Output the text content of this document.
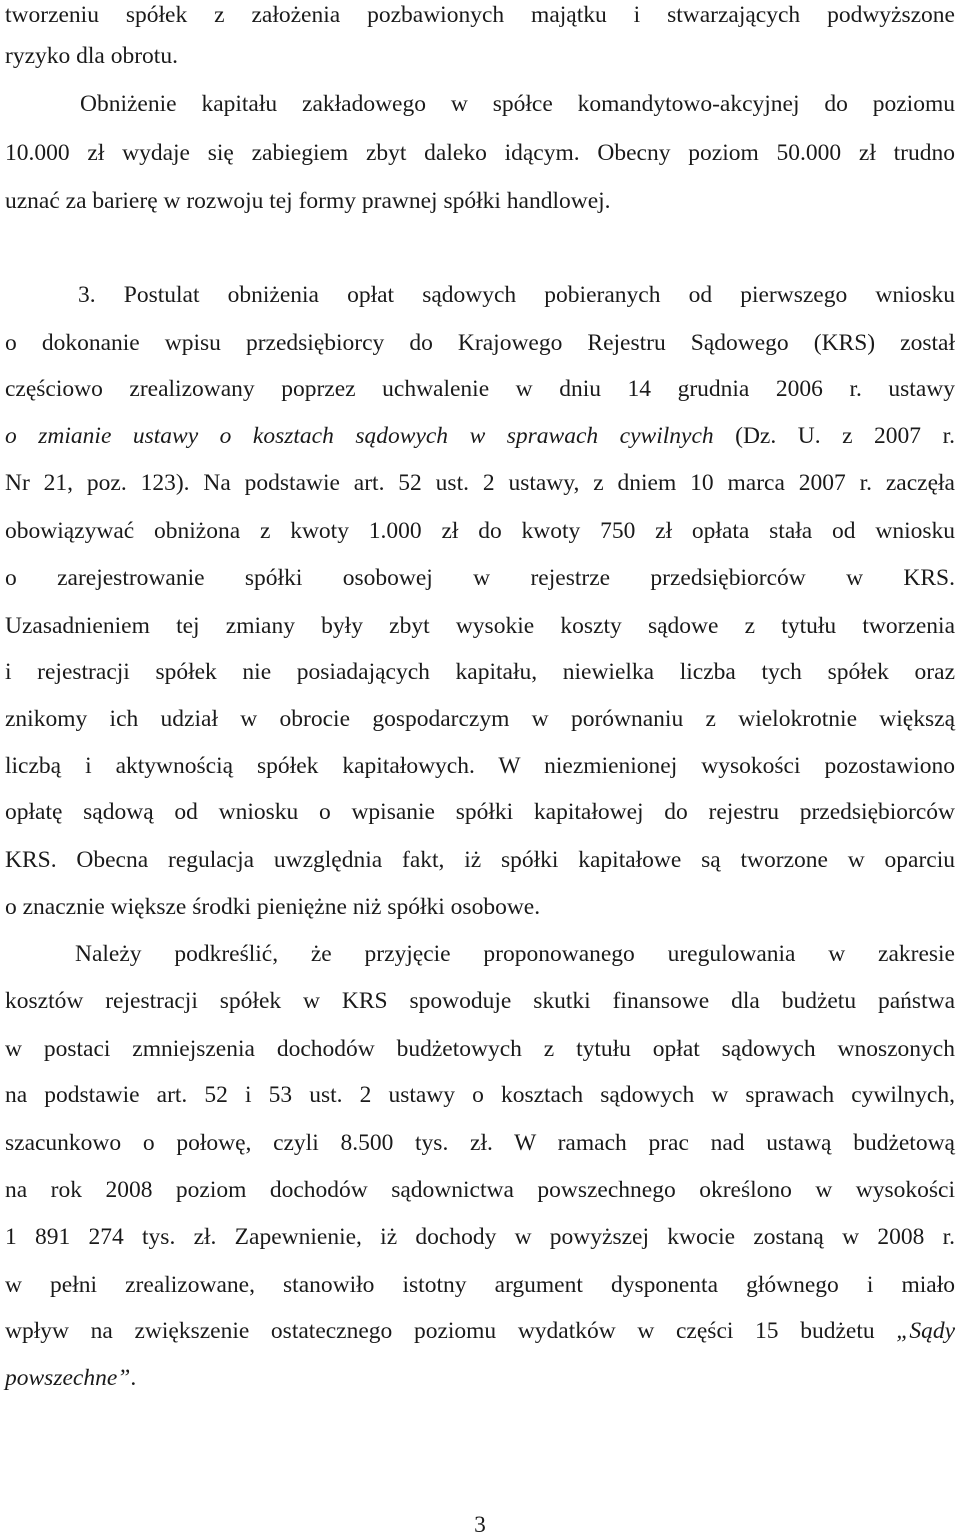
tworzeniu spółek z założenia pozbawionych majątku i stwarzających podwyższone
ryzyko dla obrotu.
Obniżenie kapitału zakładowego w spółce komandytowo-akcyjnej do poziomu
10.000 zł wydaje się zabiegiem zbyt daleko idącym. Obecny poziom 50.000 zł trudno
uznać za barierę w rozwoju tej formy prawnej spółki handlowej.
3. Postulat obniżenia opłat sądowych pobieranych od pierwszego wniosku
o dokonanie wpisu przedsiębiorcy do Krajowego Rejestru Sądowego (KRS) został
częściowo zrealizowany poprzez uchwalenie w dniu 14 grudnia 2006 r. ustawy
o zmianie ustawy o kosztach sądowych w sprawach cywilnych (Dz. U. z 2007 r.
Nr 21, poz. 123). Na podstawie art. 52 ust. 2 ustawy, z dniem 10 marca 2007 r. zaczęła
obowiązywać obniżona z kwoty 1.000 zł do kwoty 750 zł opłata stała od wniosku
o zarejestrowanie spółki osobowej w rejestrze przedsiębiorców w KRS.
Uzasadnieniem tej zmiany były zbyt wysokie koszty sądowe z tytułu tworzenia
i rejestracji spółek nie posiadających kapitału, niewielka liczba tych spółek oraz
znikomy ich udział w obrocie gospodarczym w porównaniu z wielokrotnie większą
liczbą i aktywnością spółek kapitałowych. W niezmienionej wysokości pozostawiono
opłatę sądową od wniosku o wpisanie spółki kapitałowej do rejestru przedsiębiorców
KRS. Obecna regulacja uwzględnia fakt, iż spółki kapitałowe są tworzone w oparciu
o znacznie większe środki pieniężne niż spółki osobowe.
Należy podkreślić, że przyjęcie proponowanego uregulowania w zakresie
kosztów rejestracji spółek w KRS spowoduje skutki finansowe dla budżetu państwa
w postaci zmniejszenia dochodów budżetowych z tytułu opłat sądowych wnoszonych
na podstawie art. 52 i 53 ust. 2 ustawy o kosztach sądowych w sprawach cywilnych,
szacunkowo o połowę, czyli 8.500 tys. zł. W ramach prac nad ustawą budżetową
na rok 2008 poziom dochodów sądownictwa powszechnego określono w wysokości
1 891 274 tys. zł. Zapewnienie, iż dochody w powyższej kwocie zostaną w 2008 r.
w pełni zrealizowane, stanowiło istotny argument dysponenta głównego i miało
wpływ na zwiększenie ostatecznego poziomu wydatków w części 15 budżetu „Sądy
powszechne”.
3
